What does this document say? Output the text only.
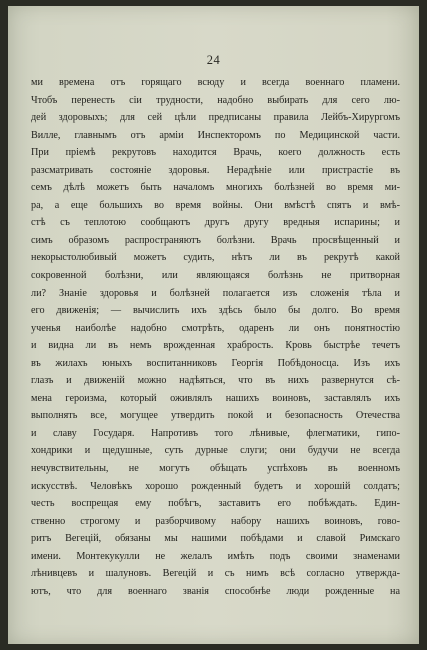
24
ми времена отъ горящаго всюду и всегда военнаго пламени.
Чтобъ перенесть сіи трудности, надобно выбирать для сего лю-
дей здоровыхъ; для сей цѣли предписаны правила Лейбъ-Хирургомъ
Вилле, главнымъ отъ арміи Инспекторомъ по Медицинской части.
При пріемѣ рекрутовъ находится Врачь, коего должность есть
разсматривать состояніе здоровья. Нерадѣніе или пристрастіе въ
семъ дѣлѣ можетъ быть началомъ многихъ болѣзней во время ми-
ра, а еще большихъ во время войны. Они вмѣстѣ спятъ и вмѣ-
стѣ съ теплотою сообщаютъ другъ другу вредныя испарины; и
симъ образомъ распространяютъ болѣзни. Врачь просвѣщенный и
некорыстолюбивый можетъ судить, нѣтъ ли въ рекрутѣ какой
сокровенной болѣзни, или являющаяся болѣзнь не притворная
ли? Знаніе здоровья и болѣзней полагается изъ сложенія тѣла и
его движенія; — вычислить ихъ здѣсь было бы долго. Во время
ученья наиболѣе надобно смотрѣть, одаренъ ли онъ понятностію
и видна ли въ немъ врожденная храбрость. Кровь быстрѣе течетъ
въ жилахъ юныхъ воспитанниковъ Георгія Побѣдоносца. Изъ ихъ
глазъ и движеній можно надѣяться, что въ нихъ развернутся сѣ-
мена героизма, который оживлялъ нашихъ воиновъ, заставлялъ ихъ
выполнять все, могущее утвердить покой и безопасность Отечества
и славу Государя. Напротивъ того лѣнивые, флегматики, гипо-
хондрики и щедушные, суть дурные слуги; они будучи не всегда
нечувствительны, не могутъ обѣщать успѣховъ въ военномъ
искусствѣ. Человѣкъ хорошо рожденный будетъ и хорошій солдатъ;
честь воспрещая ему побѣгъ, заставитъ его побѣждать. Един-
ственно строгому и разборчивому набору нашихъ воиновъ, гово-
ритъ Вегецій, обязаны мы нашими побѣдами и славой Римскаго
имени. Монтекукулли не желалъ имѣть подъ своими знаменами
лѣнивцевъ и шалуновъ. Вегецій и съ нимъ всѣ согласно утвержда-
ютъ, что для военнаго званія способнѣе люди рожденные на
